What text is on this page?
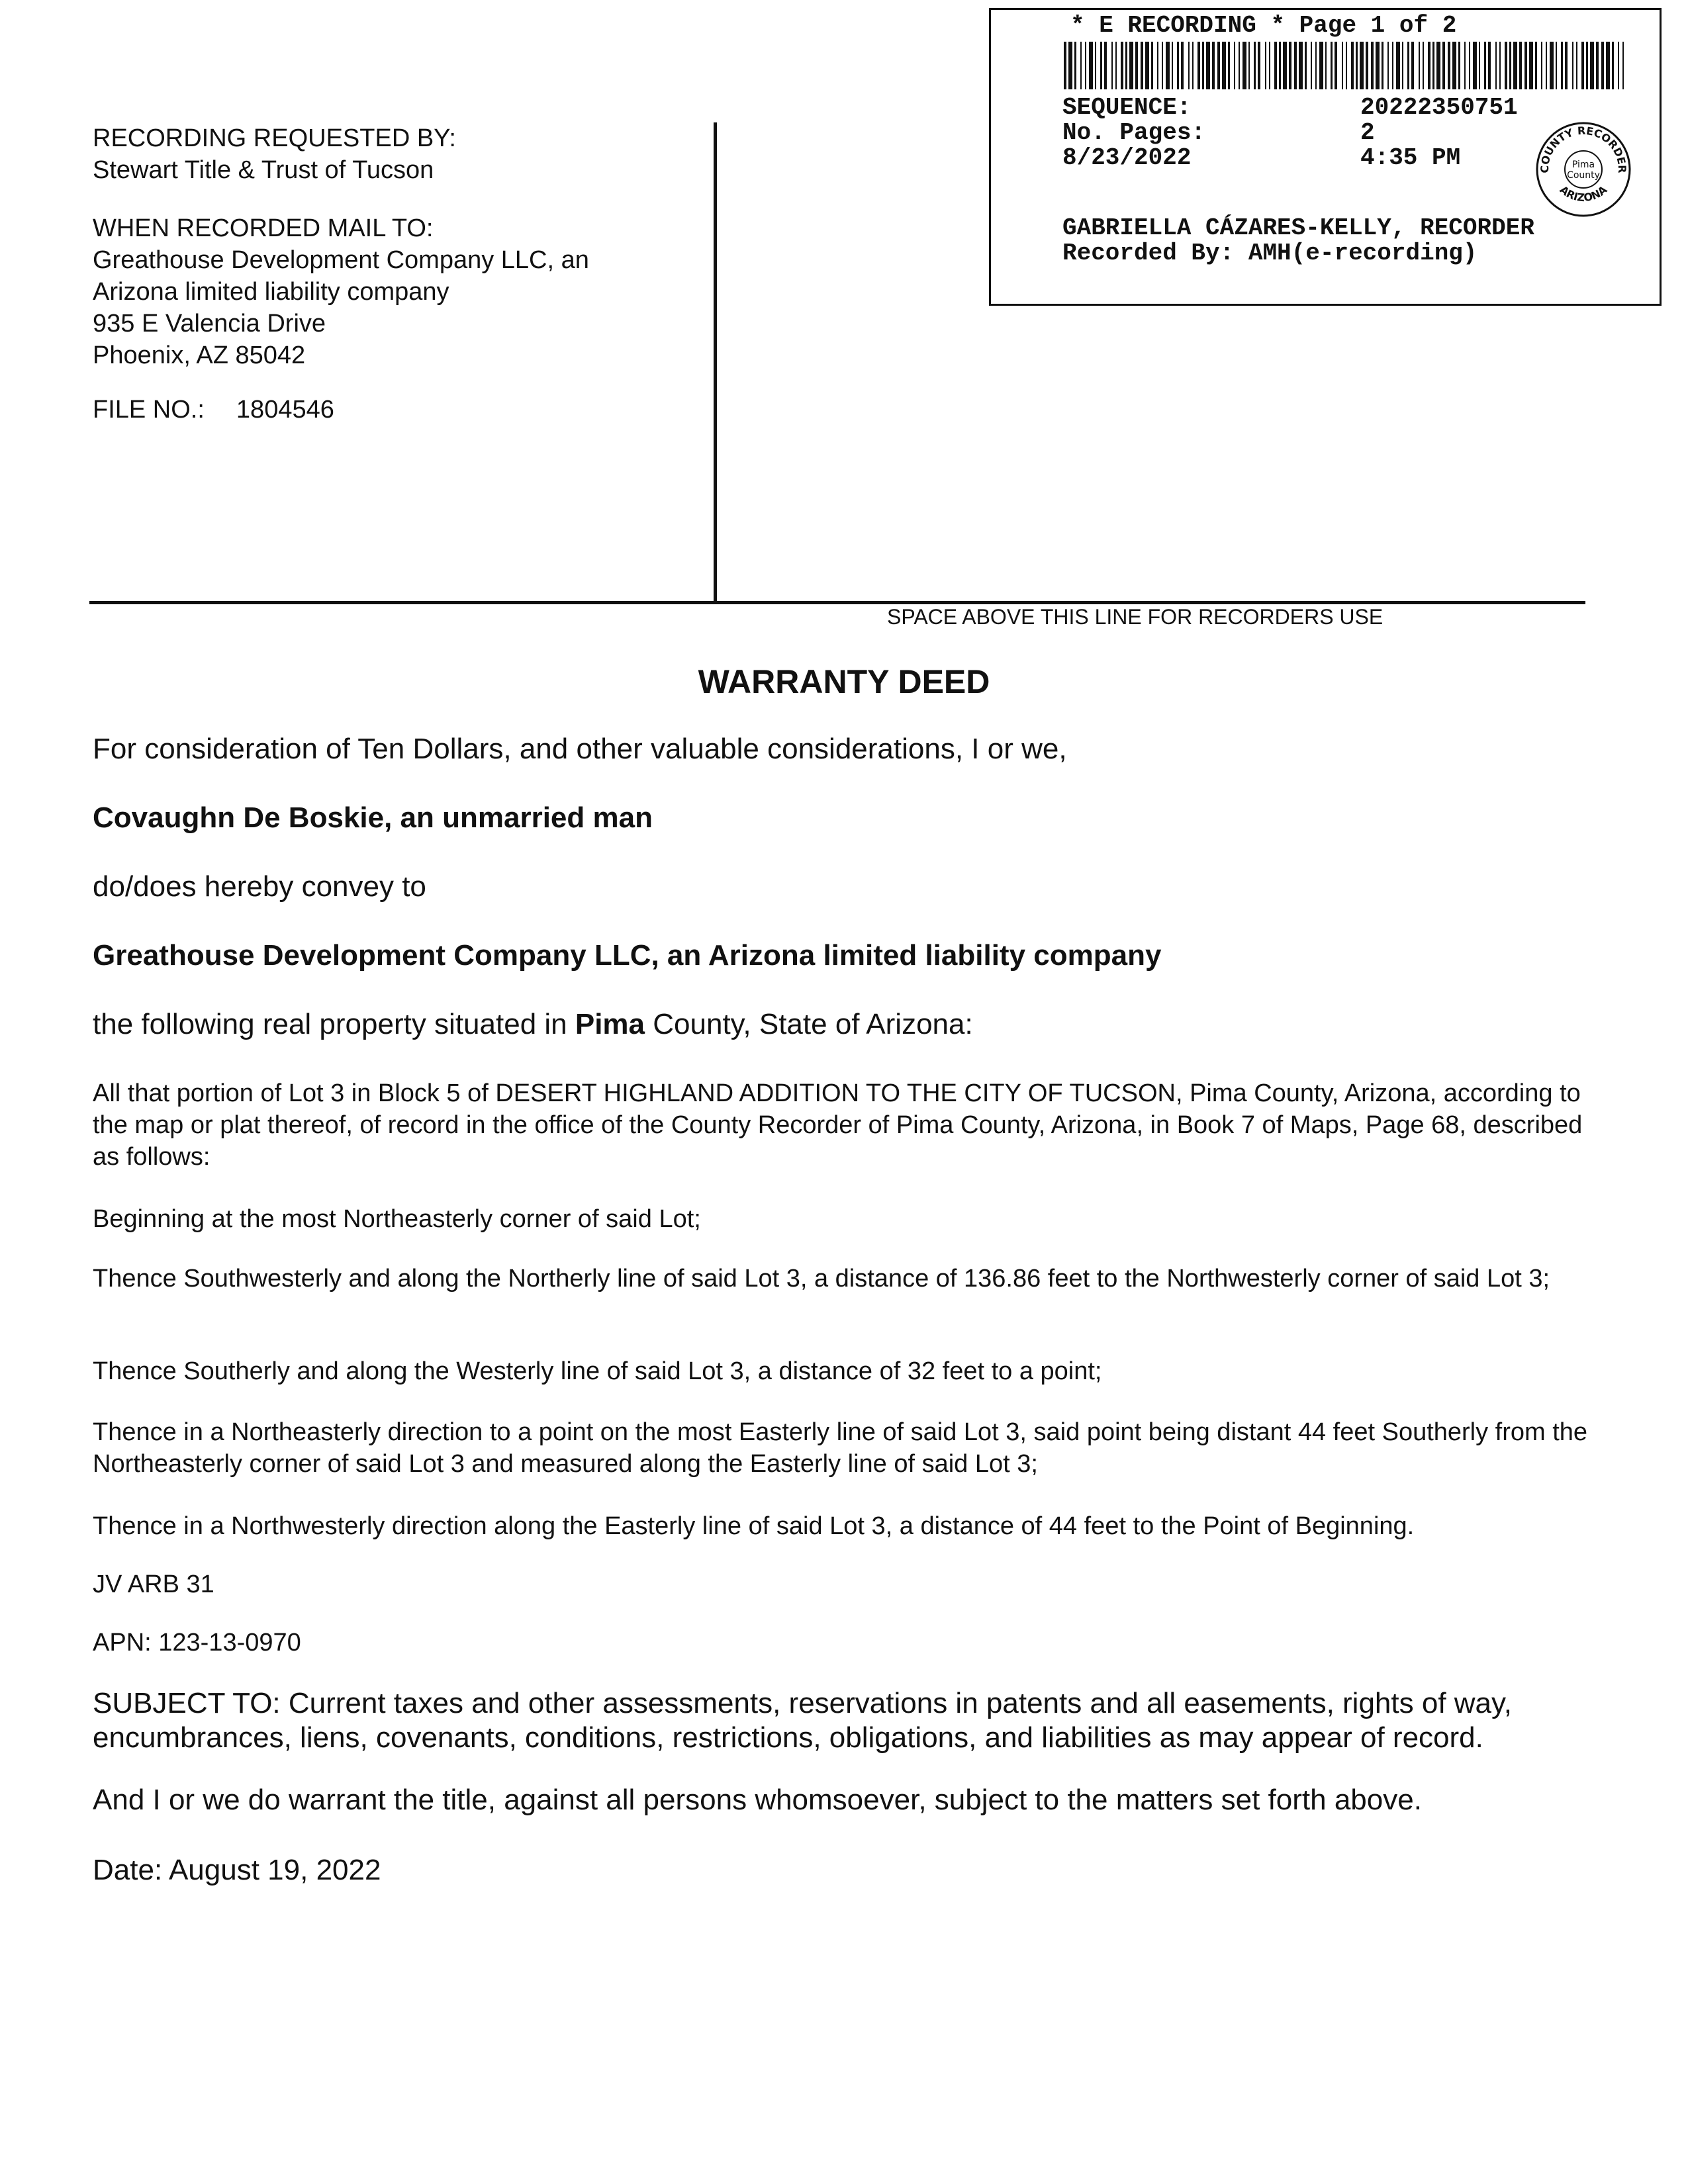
RECORDING REQUESTED BY:
Stewart Title & Trust of Tucson
WHEN RECORDED MAIL TO:
Greathouse Development Company LLC, an
Arizona limited liability company
935 E Valencia Drive
Phoenix, AZ 85042
FILE NO.: 1804546
SPACE ABOVE THIS LINE FOR RECORDERS USE
* E RECORDING * Page 1 of 2
SEQUENCE:	20222350751
No. Pages:	2
8/23/2022	4:35 PM	COUNTY RECORDER
ARIZONA
Pima
County
GABRIELLA CÁZARES-KELLY, RECORDER
Recorded By: AMH(e-recording)
WARRANTY DEED
For consideration of Ten Dollars, and other valuable considerations, I or we,
Covaughn De Boskie, an unmarried man
do/does hereby convey to
Greathouse Development Company LLC, an Arizona limited liability company
the following real property situated in Pima County, State of Arizona:
All that portion of Lot 3 in Block 5 of DESERT HIGHLAND ADDITION TO THE CITY OF TUCSON, Pima County, Arizona, according to the map or plat thereof, of record in the office of the County Recorder of Pima County, Arizona, in Book 7 of Maps, Page 68, described as follows:
Beginning at the most Northeasterly corner of said Lot;
Thence Southwesterly and along the Northerly line of said Lot 3, a distance of 136.86 feet to the Northwesterly corner of said Lot 3;
Thence Southerly and along the Westerly line of said Lot 3, a distance of 32 feet to a point;
Thence in a Northeasterly direction to a point on the most Easterly line of said Lot 3, said point being distant 44 feet Southerly from the Northeasterly corner of said Lot 3 and measured along the Easterly line of said Lot 3;
Thence in a Northwesterly direction along the Easterly line of said Lot 3, a distance of 44 feet to the Point of Beginning.
JV ARB 31
APN: 123-13-0970
SUBJECT TO: Current taxes and other assessments, reservations in patents and all easements, rights of way, encumbrances, liens, covenants, conditions, restrictions, obligations, and liabilities as may appear of record.
And I or we do warrant the title, against all persons whomsoever, subject to the matters set forth above.
Date: August 19, 2022
